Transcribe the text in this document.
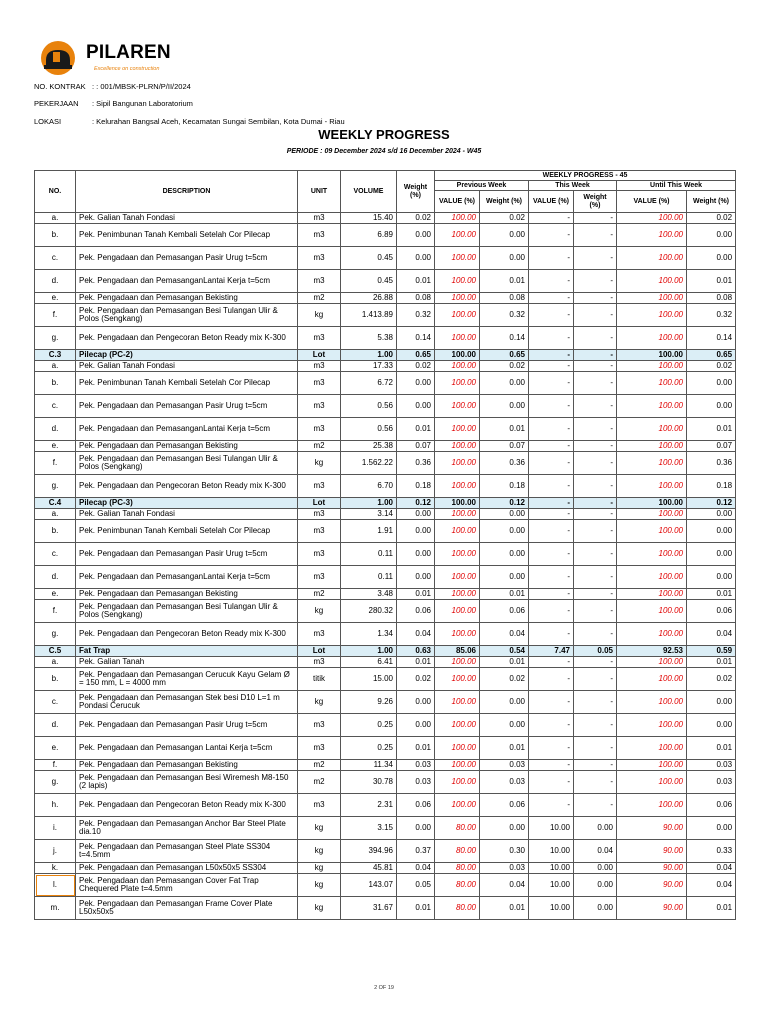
PILAREN
Excellence on construction
NO. KONTRAK : : 001/MBSK-PLRN/P/II/2024
PEKERJAAN	: Sipil Bangunan Laboratorium
LOKASI	: Kelurahan Bangsal Aceh, Kecamatan Sungai Sembilan, Kota Dumai - Riau
WEEKLY PROGRESS
PERIODE : 09 December 2024 s/d 16 December 2024 - W45
NO.	DESCRIPTION	UNIT	VOLUME	Weight (%)	WEEKLY PROGRESS - 45					
					Previous Week		This Week		Until This Week	
					VALUE (%)	Weight (%)	VALUE (%)	Weight (%)	VALUE (%)	Weight (%)
a.	Pek. Galian Tanah Fondasi	m3	15.40	0.02	100.00	0.02	-	-	100.00	0.02
b.	Pek. Penimbunan Tanah Kembali Setelah Cor Pilecap	m3	6.89	0.00	100.00	0.00	-	-	100.00	0.00
c.	Pek. Pengadaan dan Pemasangan Pasir Urug t=5cm	m3	0.45	0.00	100.00	0.00	-	-	100.00	0.00
d.	Pek. Pengadaan dan PemasanganLantai Kerja t=5cm	m3	0.45	0.01	100.00	0.01	-	-	100.00	0.01
e.	Pek. Pengadaan dan Pemasangan Bekisting	m2	26.88	0.08	100.00	0.08	-	-	100.00	0.08
f.	Pek. Pengadaan dan Pemasangan Besi Tulangan Ulir & Polos (Sengkang)	kg	1.413.89	0.32	100.00	0.32	-	-	100.00	0.32
g.	Pek. Pengadaan dan Pengecoran Beton Ready mix K-300	m3	5.38	0.14	100.00	0.14	-	-	100.00	0.14
C.3	Pilecap (PC-2)	Lot	1.00	0.65	100.00	0.65	-	-	100.00	0.65
a.	Pek. Galian Tanah Fondasi	m3	17.33	0.02	100.00	0.02	-	-	100.00	0.02
b.	Pek. Penimbunan Tanah Kembali Setelah Cor Pilecap	m3	6.72	0.00	100.00	0.00	-	-	100.00	0.00
c.	Pek. Pengadaan dan Pemasangan Pasir Urug t=5cm	m3	0.56	0.00	100.00	0.00	-	-	100.00	0.00
d.	Pek. Pengadaan dan PemasanganLantai Kerja t=5cm	m3	0.56	0.01	100.00	0.01	-	-	100.00	0.01
e.	Pek. Pengadaan dan Pemasangan Bekisting	m2	25.38	0.07	100.00	0.07	-	-	100.00	0.07
f.	Pek. Pengadaan dan Pemasangan Besi Tulangan Ulir & Polos (Sengkang)	kg	1.562.22	0.36	100.00	0.36	-	-	100.00	0.36
g.	Pek. Pengadaan dan Pengecoran Beton Ready mix K-300	m3	6.70	0.18	100.00	0.18	-	-	100.00	0.18
C.4	Pilecap (PC-3)	Lot	1.00	0.12	100.00	0.12	-	-	100.00	0.12
a.	Pek. Galian Tanah Fondasi	m3	3.14	0.00	100.00	0.00	-	-	100.00	0.00
b.	Pek. Penimbunan Tanah Kembali Setelah Cor Pilecap	m3	1.91	0.00	100.00	0.00	-	-	100.00	0.00
c.	Pek. Pengadaan dan Pemasangan Pasir Urug t=5cm	m3	0.11	0.00	100.00	0.00	-	-	100.00	0.00
d.	Pek. Pengadaan dan PemasanganLantai Kerja t=5cm	m3	0.11	0.00	100.00	0.00	-	-	100.00	0.00
e.	Pek. Pengadaan dan Pemasangan Bekisting	m2	3.48	0.01	100.00	0.01	-	-	100.00	0.01
f.	Pek. Pengadaan dan Pemasangan Besi Tulangan Ulir & Polos (Sengkang)	kg	280.32	0.06	100.00	0.06	-	-	100.00	0.06
g.	Pek. Pengadaan dan Pengecoran Beton Ready mix K-300	m3	1.34	0.04	100.00	0.04	-	-	100.00	0.04
C.5	Fat Trap	Lot	1.00	0.63	85.06	0.54	7.47	0.05	92.53	0.59
a.	Pek. Galian Tanah	m3	6.41	0.01	100.00	0.01	-	-	100.00	0.01
b.	Pek. Pengadaan dan Pemasangan Cerucuk Kayu Gelam Ø = 150 mm, L = 4000 mm	titik	15.00	0.02	100.00	0.02	-	-	100.00	0.02
c.	Pek. Pengadaan dan Pemasangan Stek besi D10 L=1 m Pondasi Cerucuk	kg	9.26	0.00	100.00	0.00	-	-	100.00	0.00
d.	Pek. Pengadaan dan Pemasangan Pasir Urug t=5cm	m3	0.25	0.00	100.00	0.00	-	-	100.00	0.00
e.	Pek. Pengadaan dan Pemasangan Lantai Kerja t=5cm	m3	0.25	0.01	100.00	0.01	-	-	100.00	0.01
f.	Pek. Pengadaan dan Pemasangan Bekisting	m2	11.34	0.03	100.00	0.03	-	-	100.00	0.03
g.	Pek. Pengadaan dan Pemasangan Besi Wiremesh M8-150 (2 lapis)	m2	30.78	0.03	100.00	0.03	-	-	100.00	0.03
h.	Pek. Pengadaan dan Pengecoran Beton Ready mix K-300	m3	2.31	0.06	100.00	0.06	-	-	100.00	0.06
i.	Pek. Pengadaan dan Pemasangan Anchor Bar Steel Plate dia.10	kg	3.15	0.00	80.00	0.00	10.00	0.00	90.00	0.00
j.	Pek. Pengadaan dan Pemasangan Steel Plate SS304 t=4.5mm	kg	394.96	0.37	80.00	0.30	10.00	0.04	90.00	0.33
k.	Pek. Pengadaan dan Pemasangan L50x50x5 SS304	kg	45.81	0.04	80.00	0.03	10.00	0.00	90.00	0.04
l.	Pek. Pengadaan dan Pemasangan Cover Fat Trap Chequered Plate t=4.5mm	kg	143.07	0.05	80.00	0.04	10.00	0.00	90.00	0.04
m.	Pek. Pengadaan dan Pemasangan Frame Cover Plate L50x50x5	kg	31.67	0.01	80.00	0.01	10.00	0.00	90.00	0.01
2 OF 19
